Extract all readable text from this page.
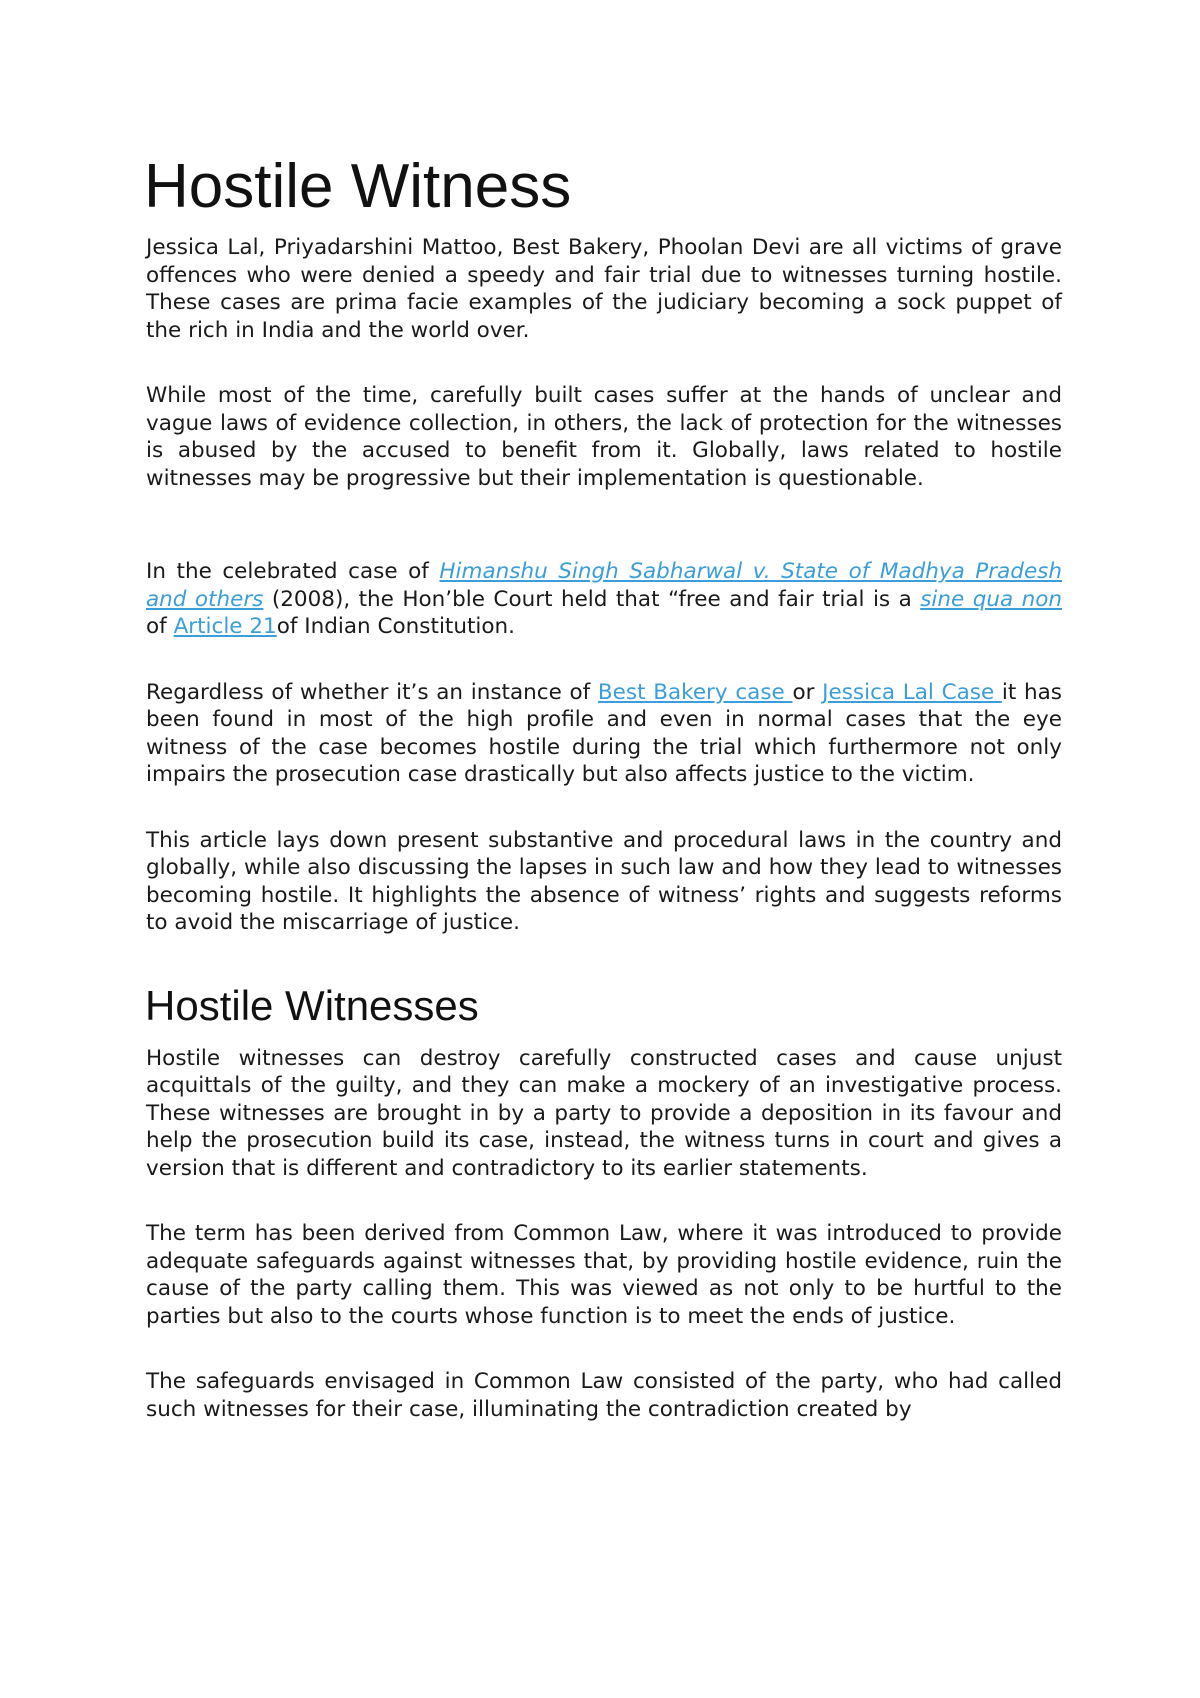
Hostile Witness

Jessica Lal, Priyadarshini Mattoo, Best Bakery, Phoolan Devi are all victims of grave offences who were denied a speedy and fair trial due to witnesses turning hostile. These cases are prima facie examples of the judiciary becoming a sock puppet of the rich in India and the world over.

While most of the time, carefully built cases suffer at the hands of unclear and vague laws of evidence collection, in others, the lack of protection for the witnesses is abused by the accused to benefit from it. Globally, laws related to hostile witnesses may be progressive but their implementation is questionable.

In the celebrated case of Himanshu Singh Sabharwal v. State of Madhya Pradesh and others (2008), the Hon’ble Court held that “free and fair trial is a sine qua non of Article 21of Indian Constitution.

Regardless of whether it’s an instance of Best Bakery case or Jessica Lal Case it has been found in most of the high profile and even in normal cases that the eye witness of the case becomes hostile during the trial which furthermore not only impairs the prosecution case drastically but also affects justice to the victim.

This article lays down present substantive and procedural laws in the country and globally, while also discussing the lapses in such law and how they lead to witnesses becoming hostile. It highlights the absence of witness’ rights and suggests reforms to avoid the miscarriage of justice.

Hostile Witnesses

Hostile witnesses can destroy carefully constructed cases and cause unjust acquittals of the guilty, and they can make a mockery of an investigative process. These witnesses are brought in by a party to provide a deposition in its favour and help the prosecution build its case, instead, the witness turns in court and gives a version that is different and contradictory to its earlier statements.

The term has been derived from Common Law, where it was introduced to provide adequate safeguards against witnesses that, by providing hostile evidence, ruin the cause of the party calling them. This was viewed as not only to be hurtful to the parties but also to the courts whose function is to meet the ends of justice.

The safeguards envisaged in Common Law consisted of the party, who had called such witnesses for their case, illuminating the contradiction created by
